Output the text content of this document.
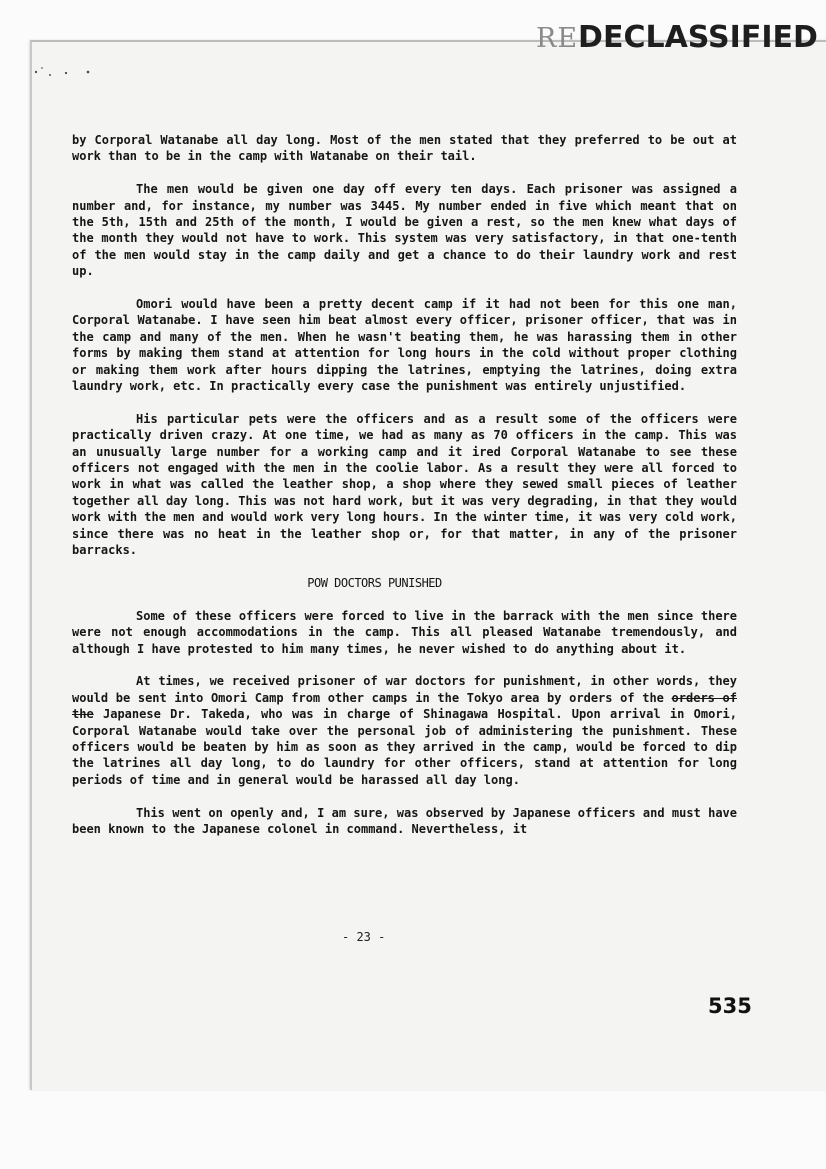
REDECLASSIFIED

by Corporal Watanabe all day long. Most of the men stated that they preferred to be out at work than to be in the camp with Watanabe on their tail.

The men would be given one day off every ten days. Each prisoner was assigned a number and, for instance, my number was 3445. My number ended in five which meant that on the 5th, 15th and 25th of the month, I would be given a rest, so the men knew what days of the month they would not have to work. This system was very satisfactory, in that one-tenth of the men would stay in the camp daily and get a chance to do their laundry work and rest up.

Omori would have been a pretty decent camp if it had not been for this one man, Corporal Watanabe. I have seen him beat almost every officer, prisoner officer, that was in the camp and many of the men. When he wasn't beating them, he was harassing them in other forms by making them stand at attention for long hours in the cold without proper clothing or making them work after hours dipping the latrines, emptying the latrines, doing extra laundry work, etc. In practically every case the punishment was entirely unjustified.

His particular pets were the officers and as a result some of the officers were practically driven crazy. At one time, we had as many as 70 officers in the camp. This was an unusually large number for a working camp and it ired Corporal Watanabe to see these officers not engaged with the men in the coolie labor. As a result they were all forced to work in what was called the leather shop, a shop where they sewed small pieces of leather together all day long. This was not hard work, but it was very degrading, in that they would work with the men and would work very long hours. In the winter time, it was very cold work, since there was no heat in the leather shop or, for that matter, in any of the prisoner barracks.

POW DOCTORS PUNISHED

Some of these officers were forced to live in the barrack with the men since there were not enough accommodations in the camp. This all pleased Watanabe tremendously, and although I have protested to him many times, he never wished to do anything about it.

At times, we received prisoner of war doctors for punishment, in other words, they would be sent into Omori Camp from other camps in the Tokyo area by orders of the orders of the Japanese Dr. Takeda, who was in charge of Shinagawa Hospital. Upon arrival in Omori, Corporal Watanabe would take over the personal job of administering the punishment. These officers would be beaten by him as soon as they arrived in the camp, would be forced to dip the latrines all day long, to do laundry for other officers, stand at attention for long periods of time and in general would be harassed all day long.

This went on openly and, I am sure, was observed by Japanese officers and must have been known to the Japanese colonel in command. Nevertheless, it

- 23 -
535
